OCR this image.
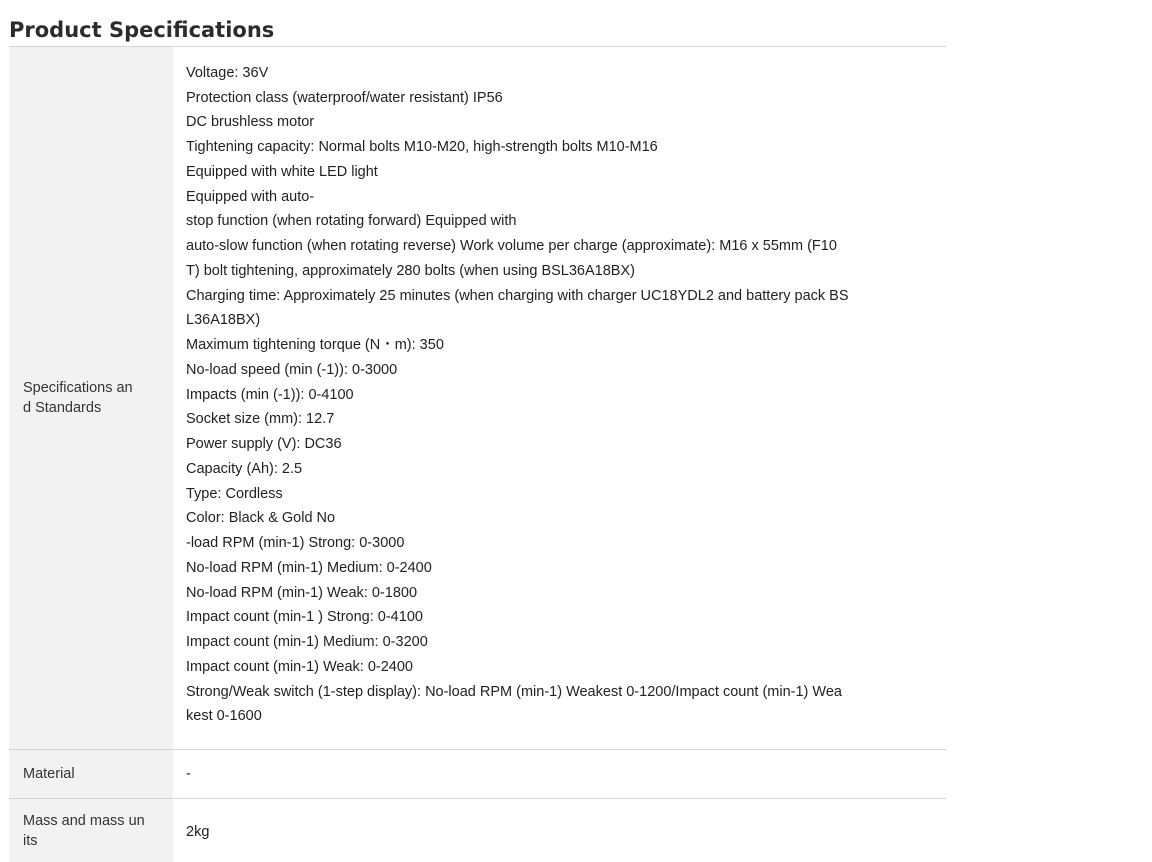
Product Specifications
Specifications an
d Standards
Voltage: 36V
Protection class (waterproof/water resistant) IP56
DC brushless motor
Tightening capacity: Normal bolts M10-M20, high-strength bolts M10-M16
Equipped with white LED light
Equipped with auto-
stop function (when rotating forward) Equipped with
auto-slow function (when rotating reverse) Work volume per charge (approximate): M16 x 55mm (F10
T) bolt tightening, approximately 280 bolts (when using BSL36A18BX)
Charging time: Approximately 25 minutes (when charging with charger UC18YDL2 and battery pack BS
L36A18BX)
Maximum tightening torque (N・m): 350
No-load speed (min (-1)): 0-3000
Impacts (min (-1)): 0-4100
Socket size (mm): 12.7
Power supply (V): DC36
Capacity (Ah): 2.5
Type: Cordless
Color: Black & Gold No
-load RPM (min-1) Strong: 0-3000
No-load RPM (min-1) Medium: 0-2400
No-load RPM (min-1) Weak: 0-1800
Impact count (min-1 ) Strong: 0-4100
Impact count (min-1) Medium: 0-3200
Impact count (min-1) Weak: 0-2400
Strong/Weak switch (1-step display): No-load RPM (min-1) Weakest 0-1200/Impact count (min-1) Wea
kest 0-1600
Material	-
Mass and mass un
its
2kg
